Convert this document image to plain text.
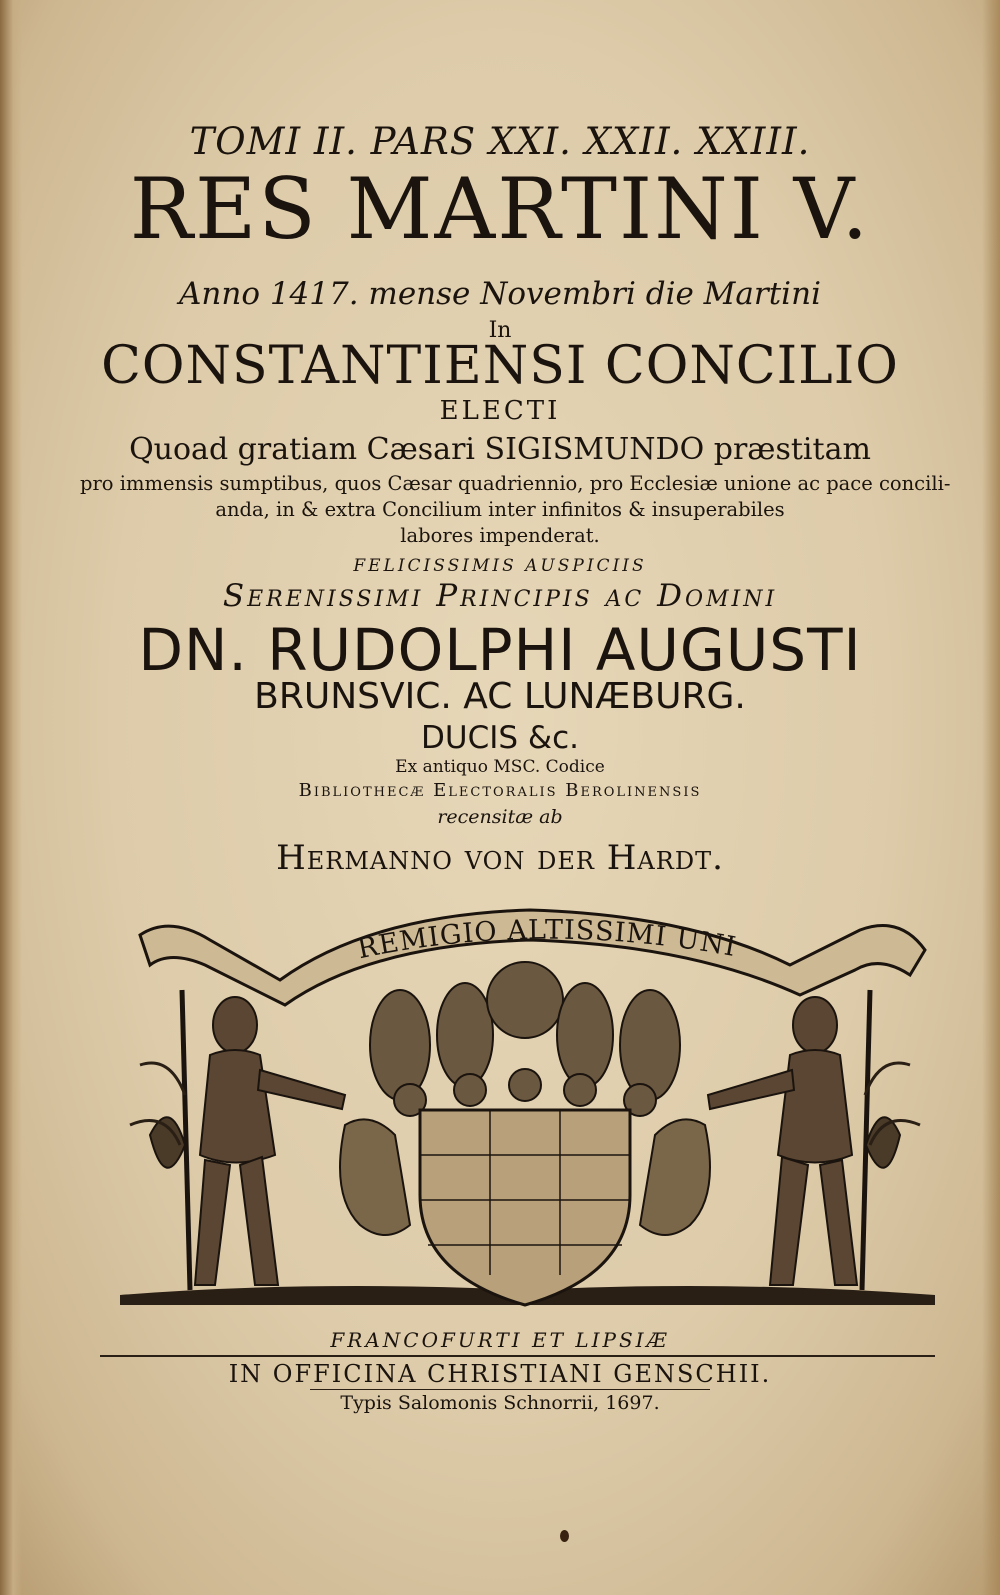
TOMI II. PARS XXI. XXII. XXIII.
RES MARTINI V.
Anno 1417. mense Novembri die Martini
In
CONSTANTIENSI CONCILIO
ELECTI
Quoad gratiam Cæsari SIGISMUNDO præstitam
pro immensis sumptibus, quos Cæsar quadriennio, pro Ecclesiæ unione ac pace concili-
anda, in & extra Concilium inter infinitos & insuperabiles
labores impenderat.
FELICISSIMIS AUSPICIIS
Serenissimi Principis ac Domini
DN. RUDOLPHI AUGUSTI
BRUNSVIC. AC LUNÆBURG.
DUCIS &c.
Ex antiquo MSC. Codice
Bibliothecæ Electoralis Berolinensis
recensitæ ab
Hermanno von der Hardt.
REMIGIO ALTISSIMI UNI
FRANCOFURTI ET LIPSIÆ
IN OFFICINA CHRISTIANI GENSCHII.
Typis Salomonis Schnorrii, 1697.
